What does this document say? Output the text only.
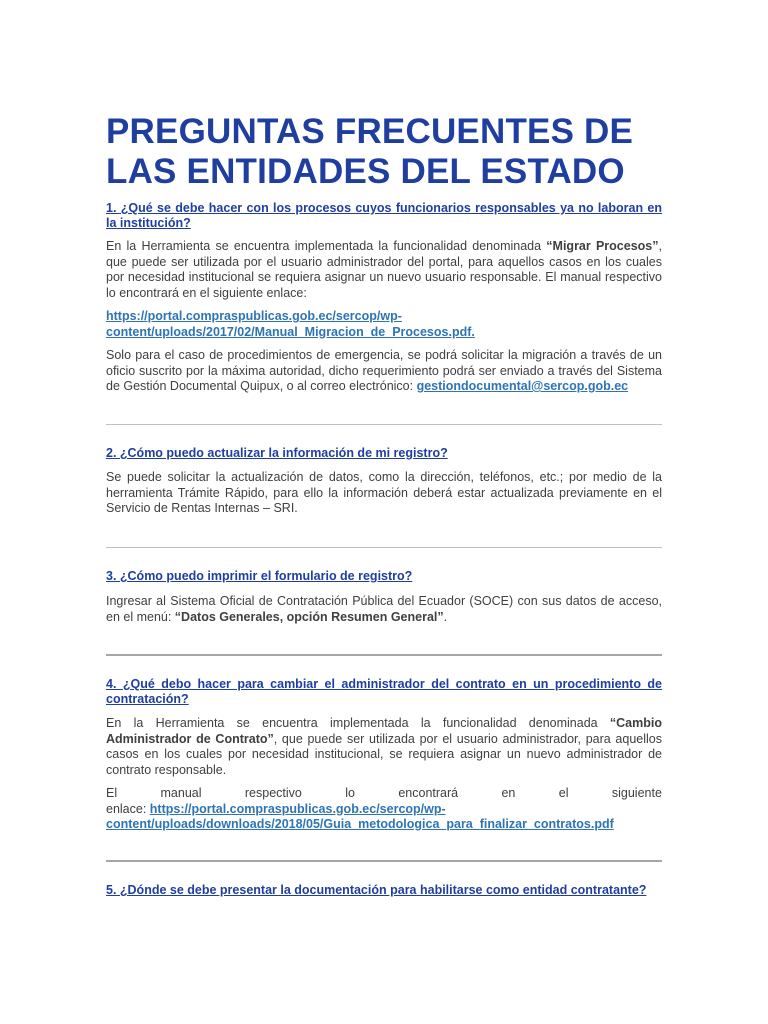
PREGUNTAS FRECUENTES DE
LAS ENTIDADES DEL ESTADO
1. ¿Qué se debe hacer con los procesos cuyos funcionarios responsables ya no laboran en la institución?

En la Herramienta se encuentra implementada la funcionalidad denominada “Migrar Procesos”, que puede ser utilizada por el usuario administrador del portal, para aquellos casos en los cuales por necesidad institucional se requiera asignar un nuevo usuario responsable. El manual respectivo lo encontrará en el siguiente enlace:

https://portal.compraspublicas.gob.ec/sercop/wp-
content/uploads/2017/02/Manual_Migracion_de_Procesos.pdf.

Solo para el caso de procedimientos de emergencia, se podrá solicitar la migración a través de un oficio suscrito por la máxima autoridad, dicho requerimiento podrá ser enviado a través del Sistema de Gestión Documental Quipux, o al correo electrónico: gestiondocumental@sercop.gob.ec

2. ¿Cómo puedo actualizar la información de mi registro?

Se puede solicitar la actualización de datos, como la dirección, teléfonos, etc.; por medio de la herramienta Trámite Rápido, para ello la información deberá estar actualizada previamente en el Servicio de Rentas Internas – SRI.

3. ¿Cómo puedo imprimir el formulario de registro?

Ingresar al Sistema Oficial de Contratación Pública del Ecuador (SOCE) con sus datos de acceso, en el menú: “Datos Generales, opción Resumen General”.

4. ¿Qué debo hacer para cambiar el administrador del contrato en un procedimiento de contratación?

En la Herramienta se encuentra implementada la funcionalidad denominada “Cambio Administrador de Contrato”, que puede ser utilizada por el usuario administrador, para aquellos casos en los cuales por necesidad institucional, se requiera asignar un nuevo administrador de contrato responsable.

El	manual	respectivo	lo	encontrará	en	el	siguiente

enlace: https://portal.compraspublicas.gob.ec/sercop/wp-
content/uploads/downloads/2018/05/Guia_metodologica_para_finalizar_contratos.pdf

5. ¿Dónde se debe presentar la documentación para habilitarse como entidad contratante?
